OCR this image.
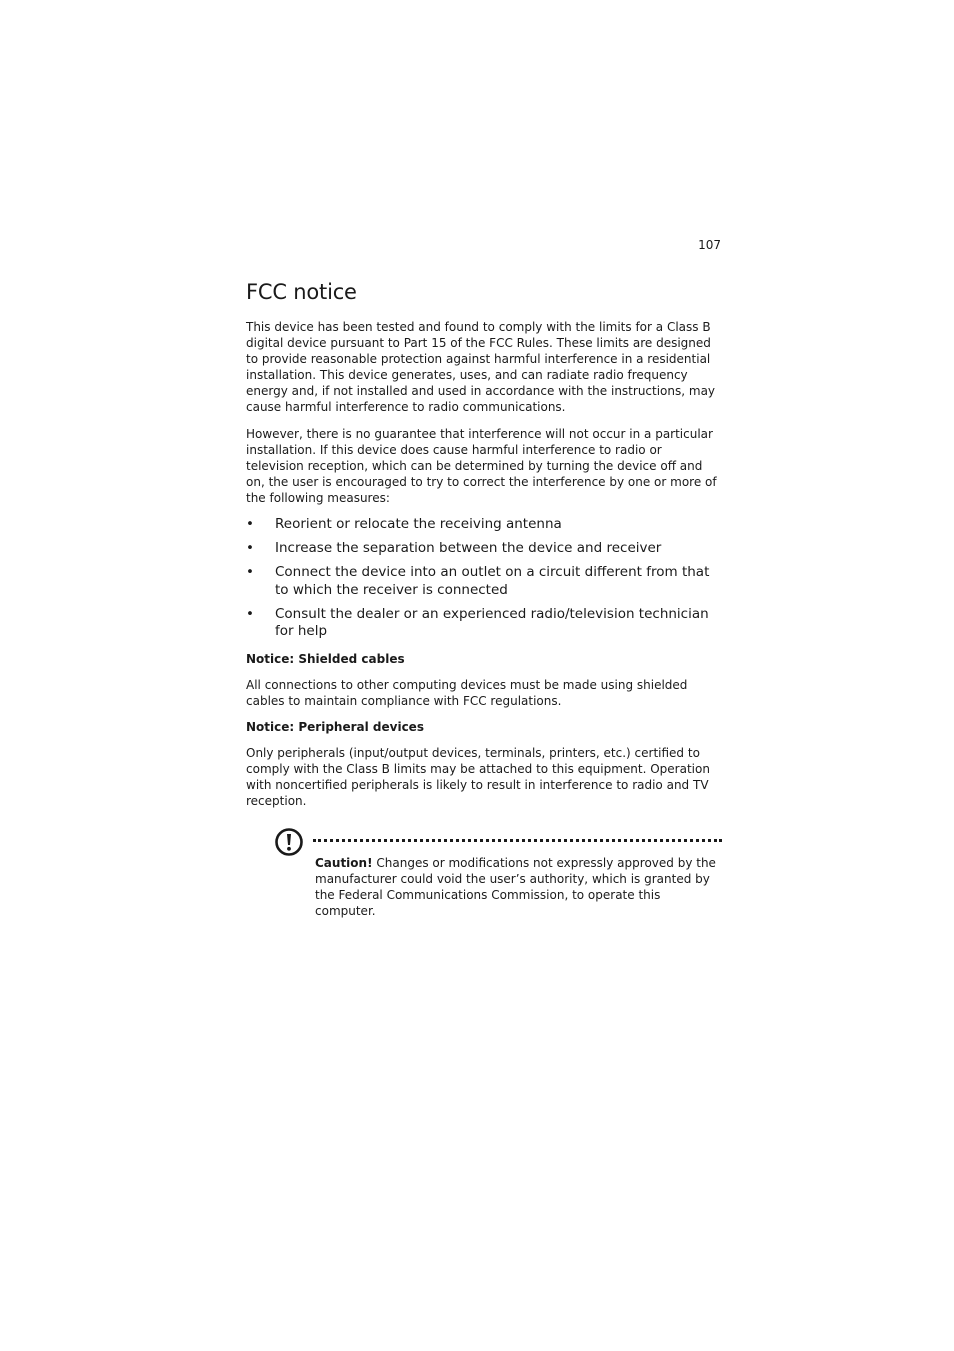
107
FCC notice

This device has been tested and found to comply with the limits for a Class B digital device pursuant to Part 15 of the FCC Rules. These limits are designed to provide reasonable protection against harmful interference in a residential installation. This device generates, uses, and can radiate radio frequency energy and, if not installed and used in accordance with the instructions, may cause harmful interference to radio communications.

However, there is no guarantee that interference will not occur in a particular installation. If this device does cause harmful interference to radio or television reception, which can be determined by turning the device off and on, the user is encouraged to try to correct the interference by one or more of the following measures:

• Reorient or relocate the receiving antenna
• Increase the separation between the device and receiver
• Connect the device into an outlet on a circuit different from that to which the receiver is connected
• Consult the dealer or an experienced radio/television technician for help
Notice: Shielded cables

All connections to other computing devices must be made using shielded cables to maintain compliance with FCC regulations.

Notice: Peripheral devices

Only peripherals (input/output devices, terminals, printers, etc.) certified to comply with the Class B limits may be attached to this equipment. Operation with noncertified peripherals is likely to result in interference to radio and TV reception.

Caution! Changes or modifications not expressly approved by the manufacturer could void the user’s authority, which is granted by the Federal Communications Commission, to operate this computer.
